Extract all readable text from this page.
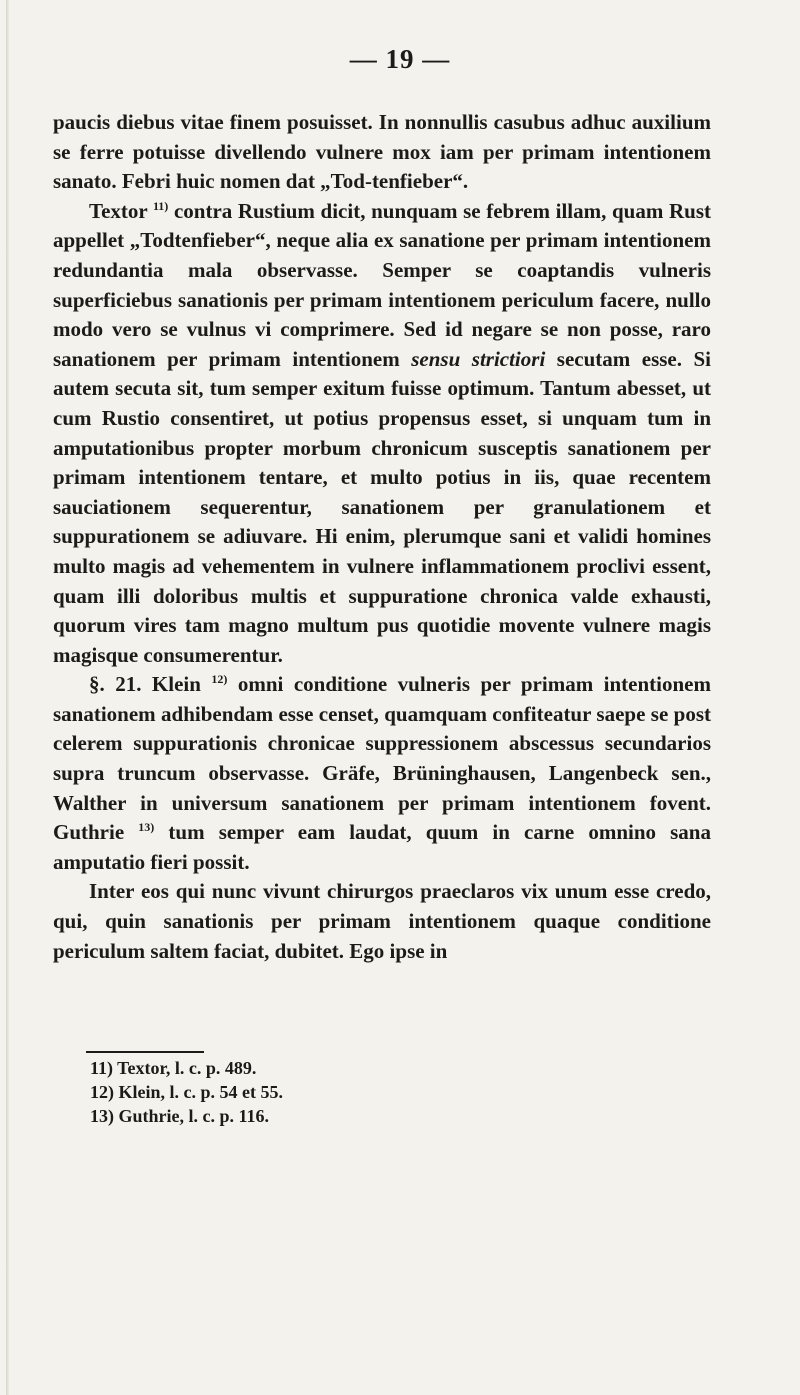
— 19 —

paucis diebus vitae finem posuisset. In nonnullis casubus adhuc auxilium se ferre potuisse divellendo vulnere mox iam per primam intentionem sanato. Febri huic nomen dat „Tod-tenfieber“.

Textor $^{11)}$ contra Rustium dicit, nunquam se febrem illam, quam Rust appellet „Todtenfieber“, neque alia ex sanatione per primam intentionem redundantia mala observasse. Semper se coaptandis vulneris superficiebus sanationis per primam intentionem periculum facere, nullo modo vero se vulnus vi comprimere. Sed id negare se non posse, raro sanationem per primam intentionem sensu strictiori secutam esse. Si autem secuta sit, tum semper exitum fuisse optimum. Tantum abesset, ut cum Rustio consentiret, ut potius propensus esset, si unquam tum in amputationibus propter morbum chronicum susceptis sanationem per primam intentionem tentare, et multo potius in iis, quae recentem sauciationem sequerentur, sanationem per granulationem et suppurationem se adiuvare. Hi enim, plerumque sani et validi homines multo magis ad vehementem in vulnere inflammationem proclivi essent, quam illi doloribus multis et suppuratione chronica valde exhausti, quorum vires tam magno multum pus quotidie movente vulnere magis magisque consumerentur.

§. 21. Klein $^{12)}$ omni conditione vulneris per primam intentionem sanationem adhibendam esse censet, quamquam confiteatur saepe se post celerem suppurationis chronicae suppressionem abscessus secundarios supra truncum observasse. Gräfe, Brüninghausen, Langenbeck sen., Walther in universum sanationem per primam intentionem fovent. Guthrie $^{13)}$ tum semper eam laudat, quum in carne omnino sana amputatio fieri possit.

Inter eos qui nunc vivunt chirurgos praeclaros vix unum esse credo, qui, quin sanationis per primam intentionem quaque conditione periculum saltem faciat, dubitet. Ego ipse in

11) Textor, l. c. p. 489.
12) Klein, l. c. p. 54 et 55.
13) Guthrie, l. c. p. 116.
